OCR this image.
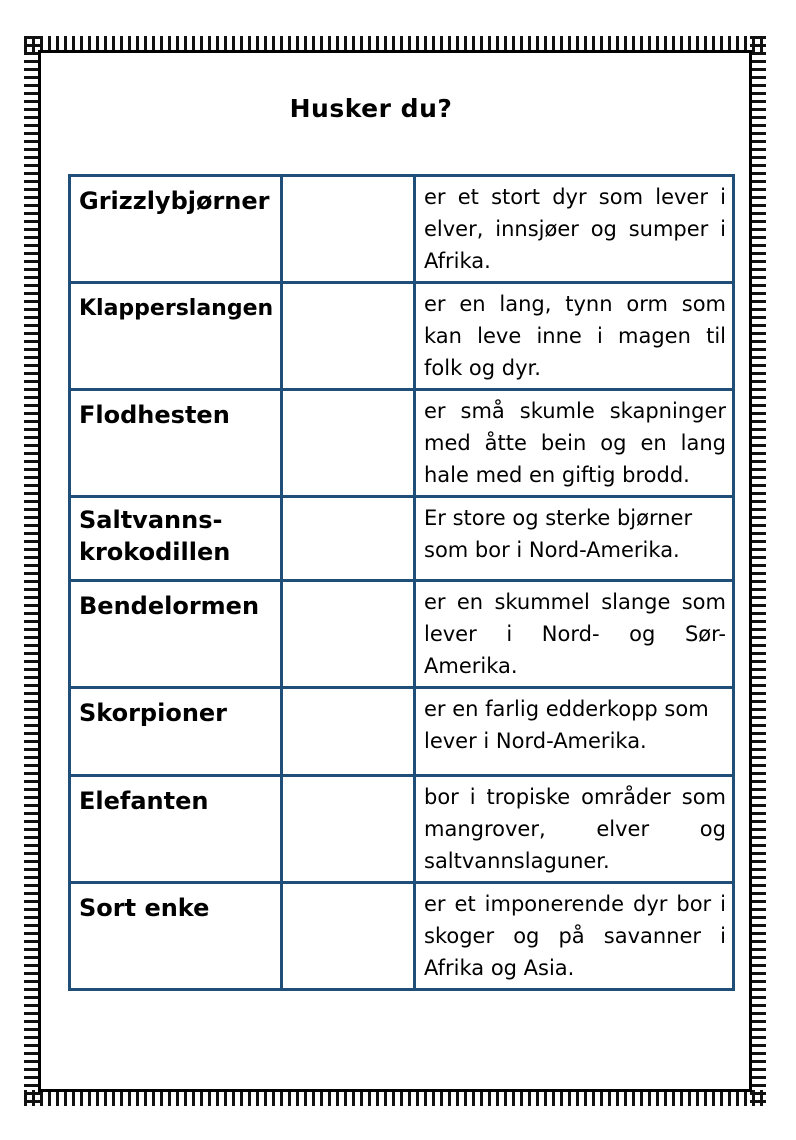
Husker du?
Grizzlybjørner		er et stort dyr som lever i elver, innsjøer og sumper i Afrika.
Klapperslangen		er en lang, tynn orm som kan leve inne i magen til folk og dyr.
Flodhesten		er små skumle skapninger med åtte bein og en lang hale med en giftig brodd.
Saltvanns-krokodillen		Er store og sterke bjørner som bor i Nord-Amerika.
Bendelormen		er en skummel slange som lever i Nord- og Sør-Amerika.
Skorpioner		er en farlig edderkopp som lever i Nord-Amerika.
Elefanten		bor i tropiske områder som mangrover, elver og saltvannslaguner.
Sort enke		er et imponerende dyr bor i skoger og på savanner i Afrika og Asia.
